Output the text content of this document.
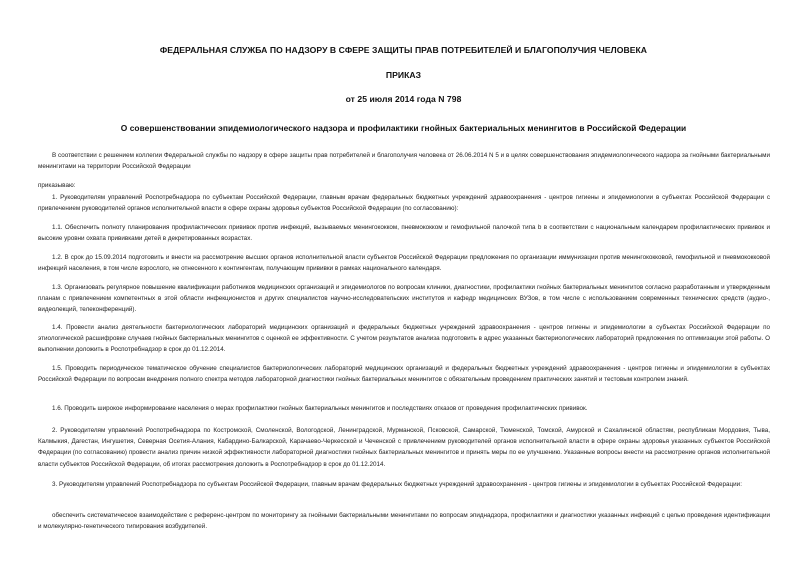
ФЕДЕРАЛЬНАЯ СЛУЖБА ПО НАДЗОРУ В СФЕРЕ ЗАЩИТЫ ПРАВ ПОТРЕБИТЕЛЕЙ И БЛАГОПОЛУЧИЯ ЧЕЛОВЕКА
ПРИКАЗ
от 25 июля 2014 года N 798
О совершенствовании эпидемиологического надзора и профилактики гнойных бактериальных менингитов в Российской Федерации

В соответствии с решением коллегии Федеральной службы по надзору в сфере защиты прав потребителей и благополучия человека от 26.06.2014 N 5 и в целях совершенствования эпидемиологического надзора за гнойными бактериальными менингитами на территории Российской Федерации

приказываю:

1. Руководителям управлений Роспотребнадзора по субъектам Российской Федерации, главным врачам федеральных бюджетных учреждений здравоохранения - центров гигиены и эпидемиологии в субъектах Российской Федерации с привлечением руководителей органов исполнительной власти в сфере охраны здоровья субъектов Российской Федерации (по согласованию):

1.1. Обеспечить полноту планирования профилактических прививок против инфекций, вызываемых менингококком, пневмококком и гемофильной палочкой типа b в соответствии с национальным календарем профилактических прививок и высокие уровни охвата прививками детей в декретированных возрастах.

1.2. В срок до 15.09.2014 подготовить и внести на рассмотрение высших органов исполнительной власти субъектов Российской Федерации предложения по организации иммунизации против менингококковой, гемофильной и пневмококковой инфекций населения, в том числе взрослого, не отнесенного к контингентам, получающим прививки в рамках национального календаря.

1.3. Организовать регулярное повышение квалификации работников медицинских организаций и эпидемиологов по вопросам клиники, диагностики, профилактики гнойных бактериальных менингитов согласно разработанным и утвержденным планам с привлечением компетентных в этой области инфекционистов и других специалистов научно-исследовательских институтов и кафедр медицинских ВУЗов, в том числе с использованием современных технических средств (аудио-, видеолекций, телеконференций).

1.4. Провести анализ деятельности бактериологических лабораторий медицинских организаций и федеральных бюджетных учреждений здравоохранения - центров гигиены и эпидемиологии в субъектах Российской Федерации по этиологической расшифровке случаев гнойных бактериальных менингитов с оценкой ее эффективности. С учетом результатов анализа подготовить в адрес указанных бактериологических лабораторий предложения по оптимизации этой работы. О выполнении доложить в Роспотребнадзор в срок до 01.12.2014.

1.5. Проводить периодическое тематическое обучение специалистов бактериологических лабораторий медицинских организаций и федеральных бюджетных учреждений здравоохранения - центров гигиены и эпидемиологии в субъектах Российской Федерации по вопросам внедрения полного спектра методов лабораторной диагностики гнойных бактериальных менингитов с обязательным проведением практических занятий и тестовым контролем знаний.

1.6. Проводить широкое информирование населения о мерах профилактики гнойных бактериальных менингитов и последствиях отказов от проведения профилактических прививок.

2. Руководителям управлений Роспотребнадзора по Костромской, Смоленской, Вологодской, Ленинградской, Мурманской, Псковской, Самарской, Тюменской, Томской, Амурской и Сахалинской областям, республикам Мордовия, Тыва, Калмыкия, Дагестан, Ингушетия, Северная Осетия-Алания, Кабардино-Балкарской, Карачаево-Черкесской и Чеченской с привлечением руководителей органов исполнительной власти в сфере охраны здоровья указанных субъектов Российской Федерации (по согласованию) провести анализ причин низкой эффективности лабораторной диагностики гнойных бактериальных менингитов и принять меры по ее улучшению. Указанные вопросы внести на рассмотрение органов исполнительной власти субъектов Российской Федерации, об итогах рассмотрения доложить в Роспотребнадзор в срок до 01.12.2014.

3. Руководителям управлений Роспотребнадзора по субъектам Российской Федерации, главным врачам федеральных бюджетных учреждений здравоохранения - центров гигиены и эпидемиологии в субъектах Российской Федерации:

обеспечить систематическое взаимодействие с референс-центром по мониторингу за гнойными бактериальными менингитами по вопросам эпиднадзора, профилактики и диагностики указанных инфекций с целью проведения идентификации и молекулярно-генетического типирования возбудителей.
